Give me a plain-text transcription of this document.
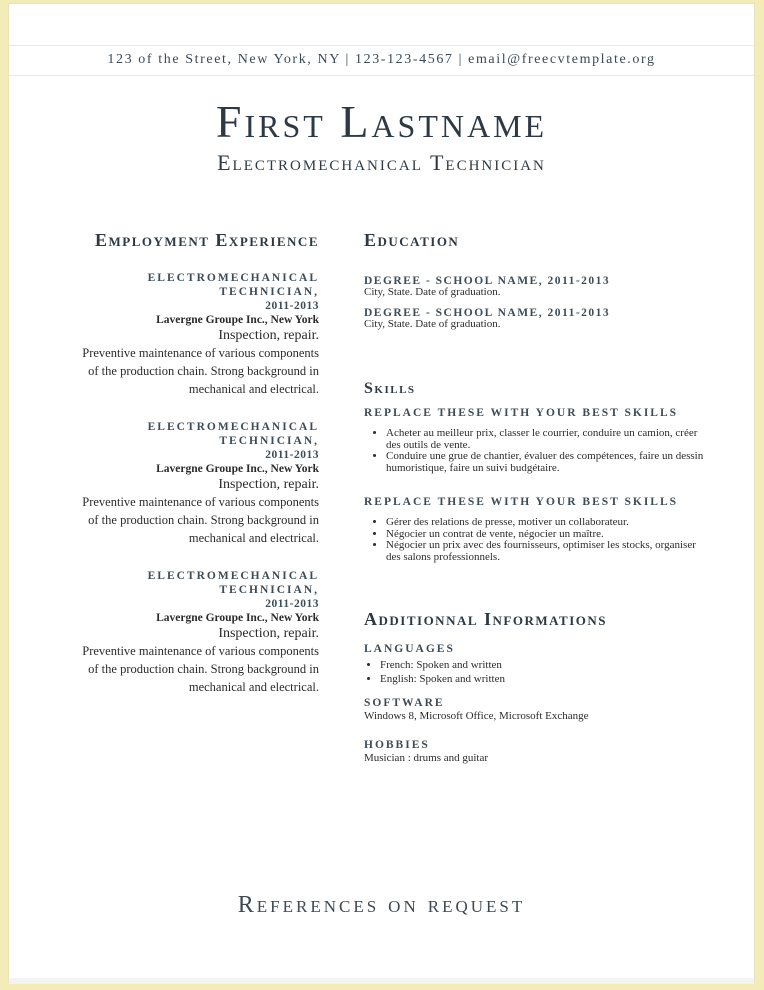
123 of the Street, New York, NY | 123-123-4567 | email@freecvtemplate.org
First Lastname
Electromechanical Technician
Employment Experience
ELECTROMECHANICAL TECHNICIAN,
2011-2013
Lavergne Groupe Inc., New York
Inspection, repair.
Preventive maintenance of various components of the production chain. Strong background in mechanical and electrical.
ELECTROMECHANICAL TECHNICIAN,
2011-2013
Lavergne Groupe Inc., New York
Inspection, repair.
Preventive maintenance of various components of the production chain. Strong background in mechanical and electrical.
ELECTROMECHANICAL TECHNICIAN,
2011-2013
Lavergne Groupe Inc., New York
Inspection, repair.
Preventive maintenance of various components of the production chain. Strong background in mechanical and electrical.
Education
DEGREE - SCHOOL NAME, 2011-2013
City, State. Date of graduation.
DEGREE - SCHOOL NAME, 2011-2013
City, State. Date of graduation.
Skills
REPLACE THESE WITH YOUR BEST SKILLS
• Acheter au meilleur prix, classer le courrier, conduire un camion, créer des outils de vente.
• Conduire une grue de chantier, évaluer des compétences, faire un dessin humoristique, faire un suivi budgétaire.
REPLACE THESE WITH YOUR BEST SKILLS
• Gérer des relations de presse, motiver un collaborateur.
• Négocier un contrat de vente, négocier un maître.
• Négocier un prix avec des fournisseurs, optimiser les stocks, organiser des salons professionnels.
Additionnal Informations
LANGUAGES
• French: Spoken and written
• English: Spoken and written
SOFTWARE
Windows 8, Microsoft Office, Microsoft Exchange
HOBBIES
Musician : drums and guitar
References on request
